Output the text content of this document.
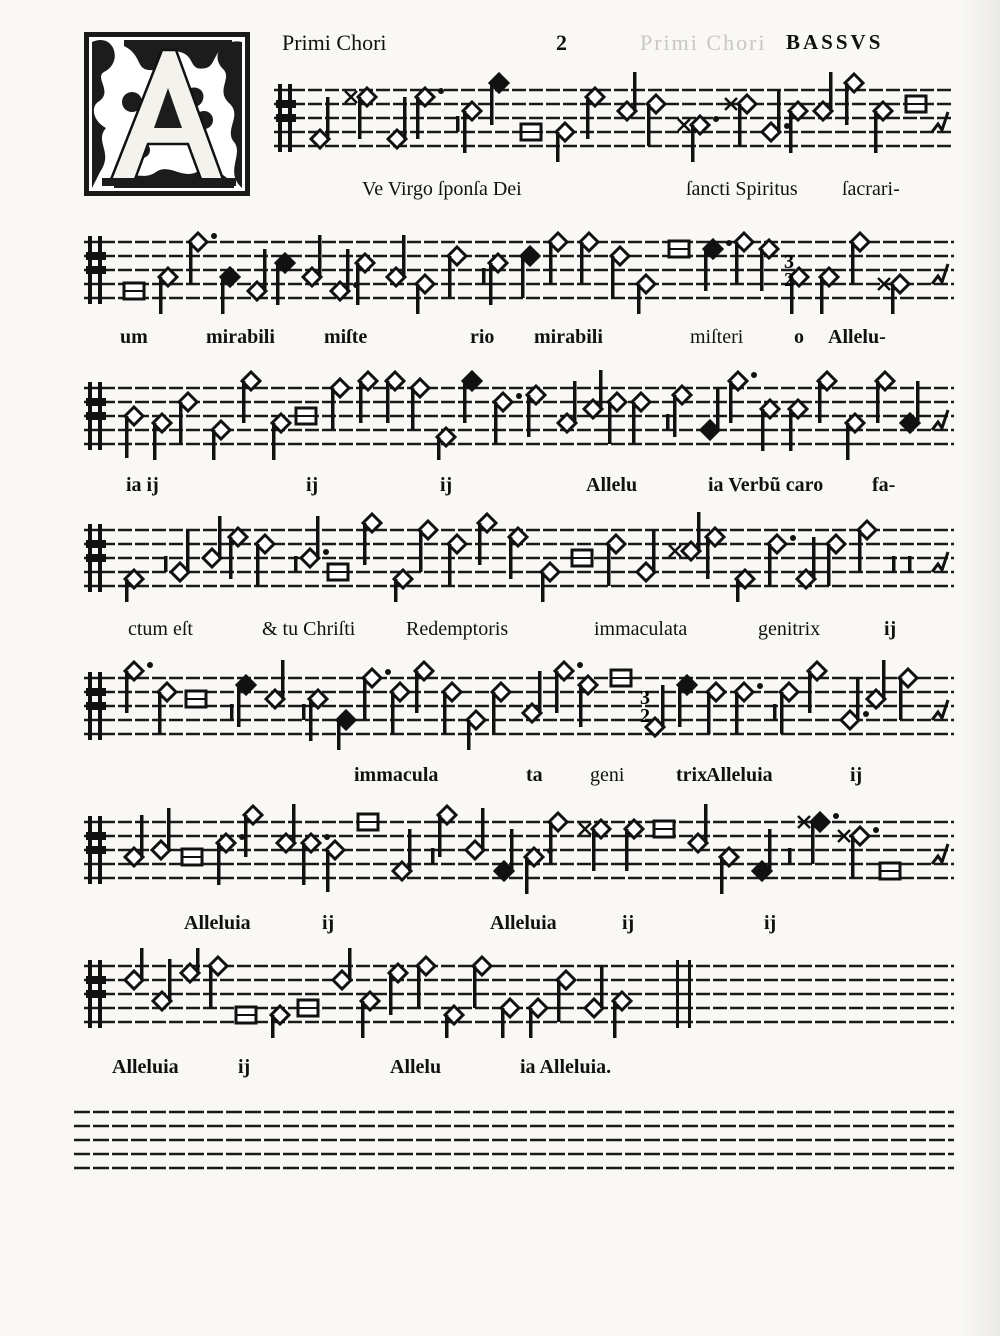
Primi Chori
Primi Chori	2	BASSVS
Ve Virgo ſponſa Dei	ſancti Spiritus ſacrari-
3
2
um	mirabili miſte	rio mirabili	miſteri	o Allelu-
ia ij	ij	ij	Allelu	ia Verbũ caro fa-
ctum eſt	& tu Chriſti	Redemptoris	immaculata	genitrix	ij
3
2
immacula	ta geni	trix
Alleluia	ij
Alleluia	ij	Alleluia	ij	ij
Alleluia	ij	Allelu	ia Alleluia.
